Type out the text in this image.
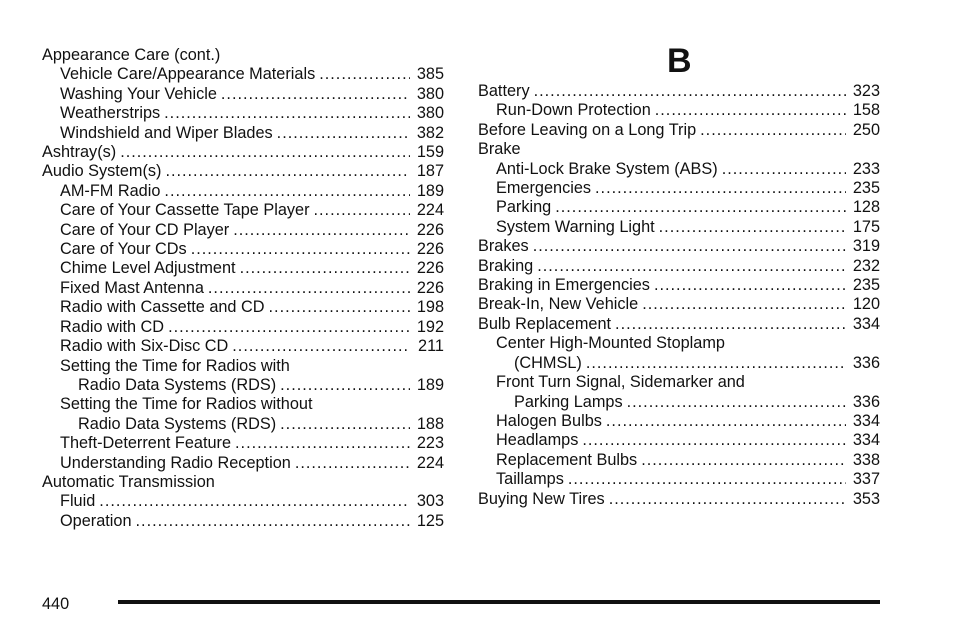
Appearance Care (cont.)
Vehicle Care/Appearance Materials .....	385
Washing Your Vehicle .....	380
Weatherstrips .....	380
Windshield and Wiper Blades .....	382
Ashtray(s) .....	159
Audio System(s) .....	187
AM-FM Radio .....	189
Care of Your Cassette Tape Player .....	224
Care of Your CD Player .....	226
Care of Your CDs .....	226
Chime Level Adjustment .....	226
Fixed Mast Antenna .....	226
Radio with Cassette and CD .....	198
Radio with CD .....	192
Radio with Six-Disc CD .....	211
Setting the Time for Radios with
Radio Data Systems (RDS) .....	189
Setting the Time for Radios without
Radio Data Systems (RDS) .....	188
Theft-Deterrent Feature .....	223
Understanding Radio Reception .....	224
Automatic Transmission
Fluid .....	303
Operation .....	125
B
Battery .....	323
Run-Down Protection .....	158
Before Leaving on a Long Trip .....	250
Brake
Anti-Lock Brake System (ABS) .....	233
Emergencies .....	235
Parking .....	128
System Warning Light .....	175
Brakes .....	319
Braking .....	232
Braking in Emergencies .....	235
Break-In, New Vehicle .....	120
Bulb Replacement .....	334
Center High-Mounted Stoplamp
(CHMSL) .....	336
Front Turn Signal, Sidemarker and
Parking Lamps .....	336
Halogen Bulbs .....	334
Headlamps .....	334
Replacement Bulbs .....	338
Taillamps .....	337
Buying New Tires .....	353
440
